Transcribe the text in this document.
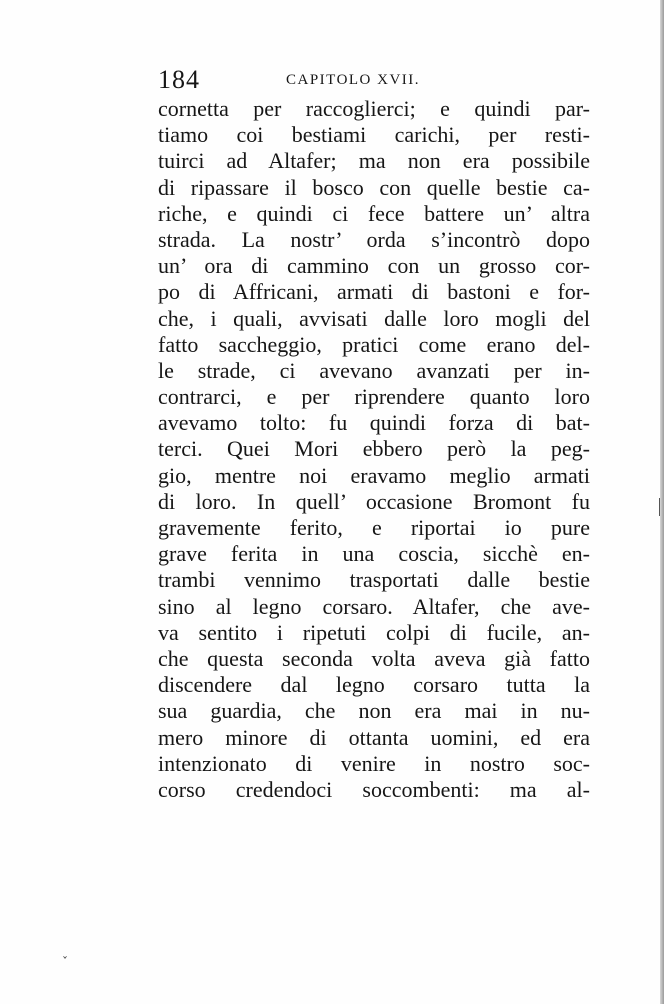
184	CAPITOLO XVII.
cornetta per raccoglierci; e quindi par-
tiamo coi bestiami carichi, per resti-
tuirci ad Altafer; ma non era possibile
di ripassare il bosco con quelle bestie ca-
riche, e quindi ci fece battere un’ altra
strada. La nostr’ orda s’incontrò dopo
un’ ora di cammino con un grosso cor-
po di Affricani, armati di bastoni e for-
che, i quali, avvisati dalle loro mogli del
fatto saccheggio, pratici come erano del-
le strade, ci avevano avanzati per in-
contrarci, e per riprendere quanto loro
avevamo tolto: fu quindi forza di bat-
terci. Quei Mori ebbero però la peg-
gio, mentre noi eravamo meglio armati
di loro. In quell’ occasione Bromont fu
gravemente ferito, e riportai io pure
grave ferita in una coscia, sicchè en-
trambi vennimo trasportati dalle bestie
sino al legno corsaro. Altafer, che ave-
va sentito i ripetuti colpi di fucile, an-
che questa seconda volta aveva già fatto
discendere dal legno corsaro tutta la
sua guardia, che non era mai in nu-
mero minore di ottanta uomini, ed era
intenzionato di venire in nostro soc-
corso credendoci soccombenti: ma al-
ˇ
